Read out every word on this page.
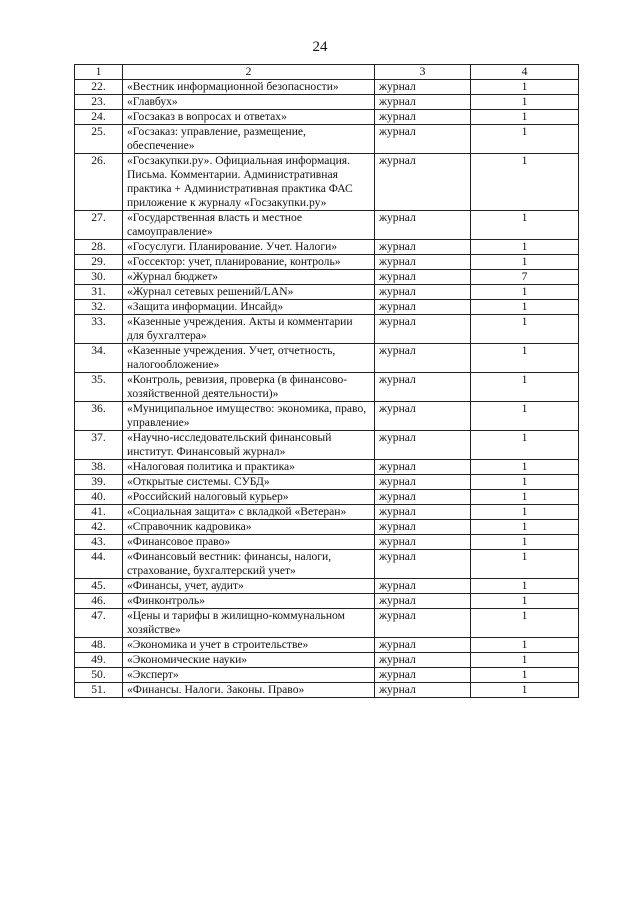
24
1	2	3	4
22.	«Вестник информационной безопасности»	журнал	1
23.	«Главбух»	журнал	1
24.	«Госзаказ в вопросах и ответах»	журнал	1
25.	«Госзаказ: управление, размещение, обеспечение»	журнал	1
26.	«Госзакупки.ру». Официальная информация. Письма. Комментарии. Административная практика + Административная практика ФАС приложение к журналу «Госзакупки.ру»	журнал	1
27.	«Государственная власть и местное самоуправление»	журнал	1
28.	«Госуслуги. Планирование. Учет. Налоги»	журнал	1
29.	«Госсектор: учет, планирование, контроль»	журнал	1
30.	«Журнал бюджет»	журнал	7
31.	«Журнал сетевых решений/LAN»	журнал	1
32.	«Защита информации. Инсайд»	журнал	1
33.	«Казенные учреждения. Акты и комментарии для бухгалтера»	журнал	1
34.	«Казенные учреждения. Учет, отчетность, налогообложение»	журнал	1
35.	«Контроль, ревизия, проверка (в финансово-хозяйственной деятельности)»	журнал	1
36.	«Муниципальное имущество: экономика, право, управление»	журнал	1
37.	«Научно-исследовательский финансовый институт. Финансовый журнал»	журнал	1
38.	«Налоговая политика и практика»	журнал	1
39.	«Открытые системы. СУБД»	журнал	1
40.	«Российский налоговый курьер»	журнал	1
41.	«Социальная защита» с вкладкой «Ветеран»	журнал	1
42.	«Справочник кадровика»	журнал	1
43.	«Финансовое право»	журнал	1
44.	«Финансовый вестник: финансы, налоги, страхование, бухгалтерский учет»	журнал	1
45.	«Финансы, учет, аудит»	журнал	1
46.	«Финконтроль»	журнал	1
47.	«Цены и тарифы в жилищно-коммунальном хозяйстве»	журнал	1
48.	«Экономика и учет в строительстве»	журнал	1
49.	«Экономические науки»	журнал	1
50.	«Эксперт»	журнал	1
51.	«Финансы. Налоги. Законы. Право»	журнал	1
